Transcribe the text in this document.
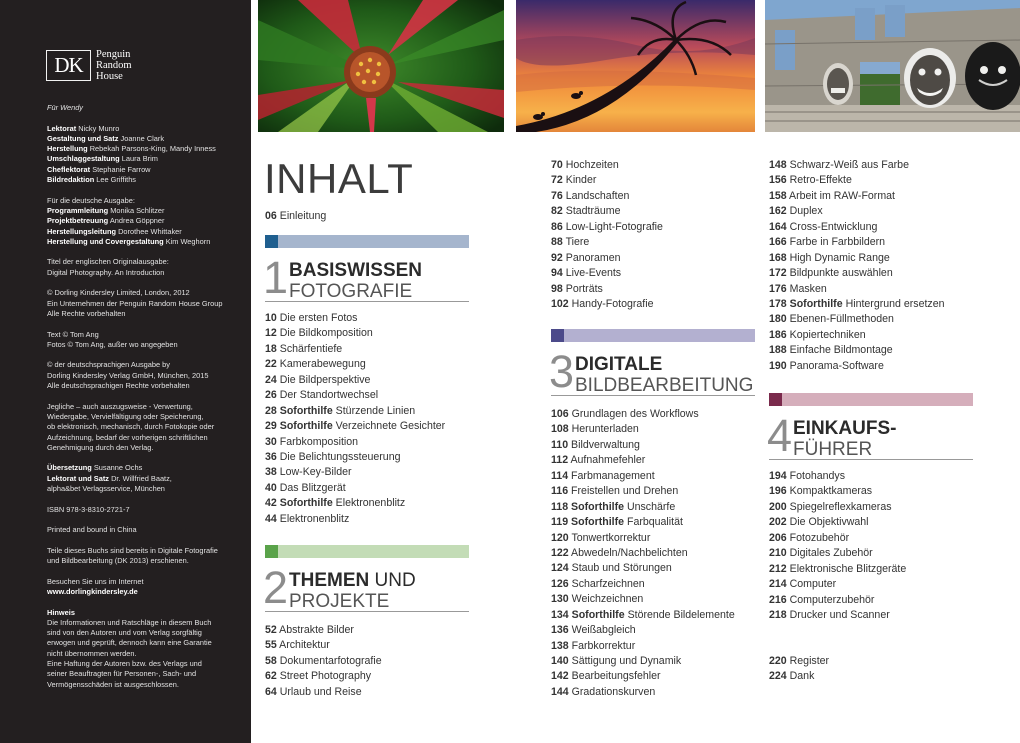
DK	Penguin
Random
House

Für Wendy

Lektorat Nicky Munro
Gestaltung und Satz Joanne Clark
Herstellung Rebekah Parsons-King, Mandy Inness
Umschlaggestaltung Laura Brim
Cheflektorat Stephanie Farrow
Bildredaktion Lee Griffiths

Für die deutsche Ausgabe:
Programmleitung Monika Schlitzer
Projektbetreuung Andrea Göppner
Herstellungsleitung Dorothee Whittaker
Herstellung und Covergestaltung Kim Weghorn

Titel der englischen Originalausgabe:
Digital Photography. An Introduction

© Dorling Kindersley Limited, London, 2012
Ein Unternehmen der Penguin Random House Group
Alle Rechte vorbehalten

Text © Tom Ang
Fotos © Tom Ang, außer wo angegeben

© der deutschsprachigen Ausgabe by
Dorling Kindersley Verlag GmbH, München, 2015
Alle deutschsprachigen Rechte vorbehalten

Jegliche – auch auszugsweise - Verwertung,
Wiedergabe, Vervielfältigung oder Speicherung,
ob elektronisch, mechanisch, durch Fotokopie oder
Aufzeichnung, bedarf der vorherigen schriftlichen
Genehmigung durch den Verlag.

Übersetzung Susanne Ochs
Lektorat und Satz Dr. Willfried Baatz,
alpha&bet Verlagsservice, München

ISBN 978-3-8310-2721-7

Printed and bound in China

Teile dieses Buchs sind bereits in Digitale Fotografie
und Bildbearbeitung (DK 2013) erschienen.

Besuchen Sie uns im Internet
www.dorlingkindersley.de

Hinweis
Die Informationen und Ratschläge in diesem Buch
sind von den Autoren und vom Verlag sorgfältig
erwogen und geprüft, dennoch kann eine Garantie
nicht übernommen werden.
Eine Haftung der Autoren bzw. des Verlags und
seiner Beauftragten für Personen-, Sach- und
Vermögensschäden ist ausgeschlossen.

INHALT
06 Einleitung
1 BASISWISSEN
FOTOGRAFIE
10 Die ersten Fotos
12 Die Bildkomposition
18 Schärfentiefe
22 Kamerabewegung
24 Die Bildperspektive
26 Der Standortwechsel
28 Soforthilfe Stürzende Linien
29 Soforthilfe Verzeichnete Gesichter
30 Farbkomposition
36 Die Belichtungssteuerung
38 Low-Key-Bilder
40 Das Blitzgerät
42 Soforthilfe Elektronenblitz
44 Elektronenblitz
2 THEMEN UND
PROJEKTE
52 Abstrakte Bilder
55 Architektur
58 Dokumentarfotografie
62 Street Photography
64 Urlaub und Reise
70 Hochzeiten
72 Kinder
76 Landschaften
82 Stadträume
86 Low-Light-Fotografie
88 Tiere
92 Panoramen
94 Live-Events
98 Porträts
102 Handy-Fotografie
3 DIGITALE
BILDBEARBEITUNG
106 Grundlagen des Workflows
108 Herunterladen
110 Bildverwaltung
112 Aufnahmefehler
114 Farbmanagement
116 Freistellen und Drehen
118 Soforthilfe Unschärfe
119 Soforthilfe Farbqualität
120 Tonwertkorrektur
122 Abwedeln/Nachbelichten
124 Staub und Störungen
126 Scharfzeichnen
130 Weichzeichnen
134 Soforthilfe Störende Bildelemente
136 Weißabgleich
138 Farbkorrektur
140 Sättigung und Dynamik
142 Bearbeitungsfehler
144 Gradationskurven
148 Schwarz-Weiß aus Farbe
156 Retro-Effekte
158 Arbeit im RAW-Format
162 Duplex
164 Cross-Entwicklung
166 Farbe in Farbbildern
168 High Dynamic Range
172 Bildpunkte auswählen
176 Masken
178 Soforthilfe Hintergrund ersetzen
180 Ebenen-Füllmethoden
186 Kopiertechniken
188 Einfache Bildmontage
190 Panorama-Software
4 EINKAUFS-
FÜHRER
194 Fotohandys
196 Kompaktkameras
200 Spiegelreflexkameras
202 Die Objektivwahl
206 Fotozubehör
210 Digitales Zubehör
212 Elektronische Blitzgeräte
214 Computer
216 Computerzubehör
218 Drucker und Scanner
220 Register
224 Dank
